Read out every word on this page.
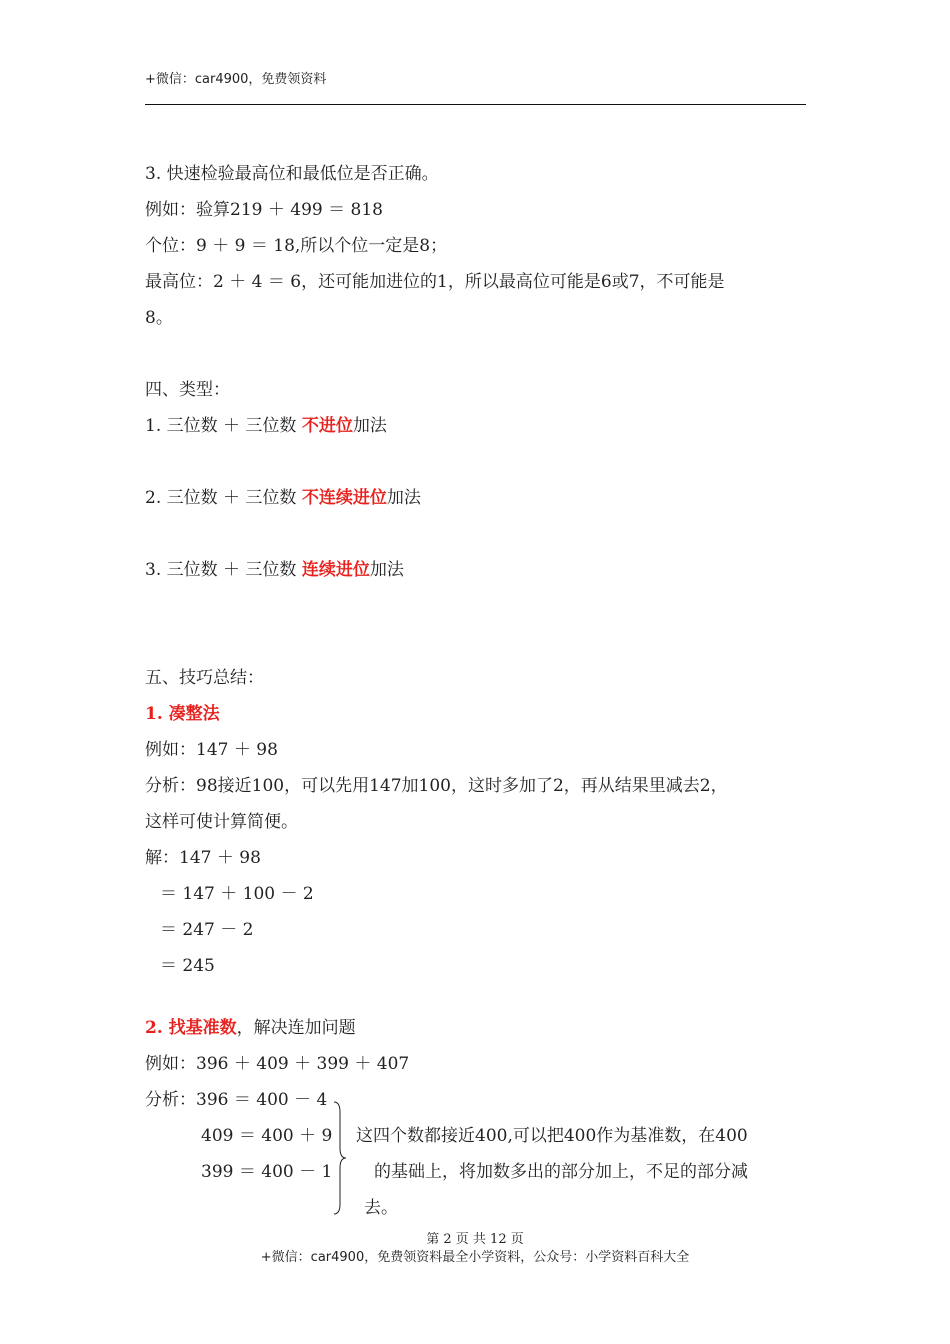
+微信：car4900，免费领资料
3. 快速检验最高位和最低位是否正确。
例如：验算219 ＋ 499 ＝ 818
个位：9 ＋ 9 ＝ 18,所以个位一定是8；
最高位：2 ＋ 4 ＝ 6，还可能加进位的1，所以最高位可能是6或7，不可能是
8。
四、类型：
1. 三位数 ＋ 三位数 不进位加法
2. 三位数 ＋ 三位数 不连续进位加法
3. 三位数 ＋ 三位数 连续进位加法
五、技巧总结：
1. 凑整法
例如：147 ＋ 98
分析：98接近100，可以先用147加100，这时多加了2，再从结果里减去2，
这样可使计算简便。
解：147 ＋ 98
＝ 147 ＋ 100 － 2
＝ 247 － 2
＝ 245
2. 找基准数，解决连加问题
例如：396 ＋ 409 ＋ 399 ＋ 407
分析：396 ＝ 400 － 4
409 ＝ 400 ＋ 9
399 ＝ 400 － 1
这四个数都接近400,可以把400作为基准数，在400
的基础上，将加数多出的部分加上，不足的部分减
去。
第 2 页 共 12 页
+微信：car4900，免费领资料最全小学资料，公众号：小学资料百科大全
